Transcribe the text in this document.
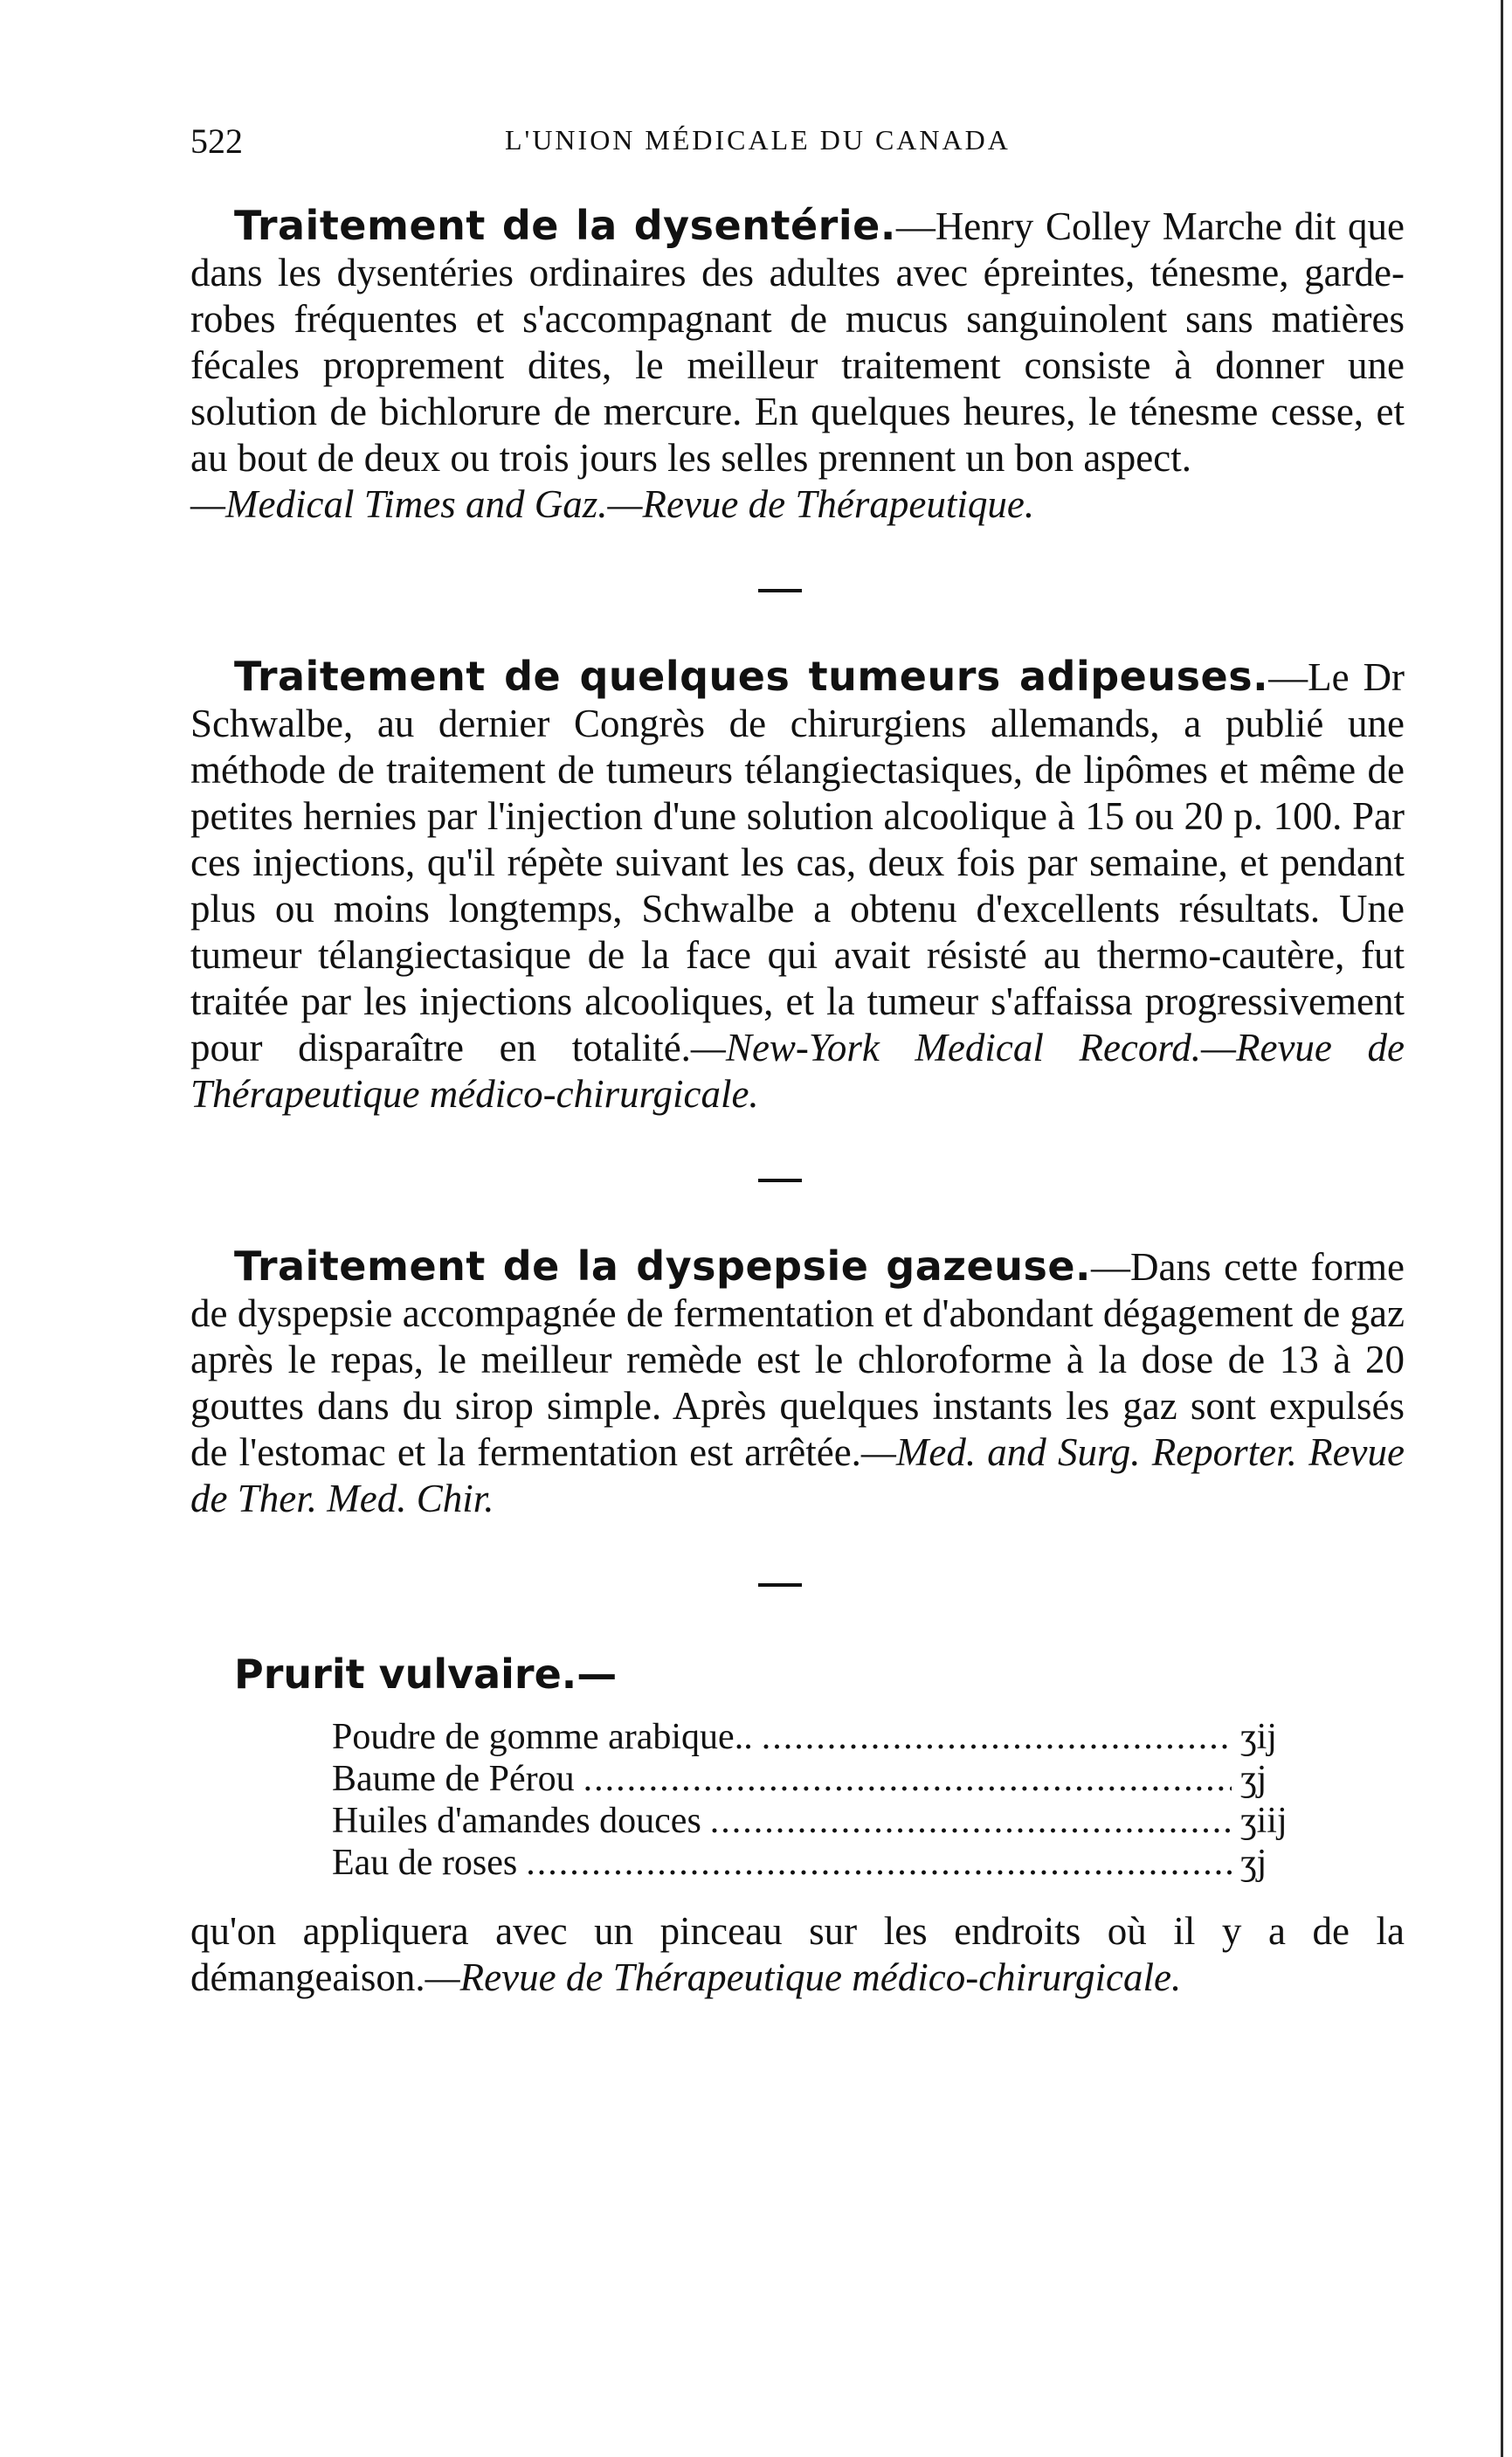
522	L'UNION MÉDICALE DU CANADA

Traitement de la dysentérie.—Henry Colley Marche dit que dans les dysentéries ordinaires des adultes avec épreintes, ténesme, garde-robes fréquentes et s'accompagnant de mucus sanguinolent sans matières fécales proprement dites, le meilleur traitement consiste à donner une solution de bichlorure de mercure. En quelques heures, le ténesme cesse, et au bout de deux ou trois jours les selles prennent un bon aspect.
—Medical Times and Gaz.—Revue de Thérapeutique.

Traitement de quelques tumeurs adipeuses.—Le Dr Schwalbe, au dernier Congrès de chirurgiens allemands, a publié une méthode de traitement de tumeurs télangiectasiques, de lipômes et même de petites hernies par l'injection d'une solution alcoolique à 15 ou 20 p. 100. Par ces injections, qu'il répète suivant les cas, deux fois par semaine, et pendant plus ou moins longtemps, Schwalbe a obtenu d'excellents résultats. Une tumeur télangiectasique de la face qui avait résisté au thermo-cautère, fut traitée par les injections alcooliques, et la tumeur s'affaissa progressivement pour disparaître en totalité.—New-York Medical Record.—Revue de Thérapeutique médico-chirurgicale.

Traitement de la dyspepsie gazeuse.—Dans cette forme de dyspepsie accompagnée de fermentation et d'abondant dégagement de gaz après le repas, le meilleur remède est le chloroforme à la dose de 13 à 20 gouttes dans du sirop simple. Après quelques instants les gaz sont expulsés de l'estomac et la fermentation est arrêtée.—Med. and Surg. Reporter. Revue de Ther. Med. Chir.

Prurit vulvaire.—

Poudre de gomme arabique.. .....	ʒij
Baume de Pérou .....	ʒj
Huiles d'amandes douces .....	ʒiij
Eau de roses .....	ʒj

qu'on appliquera avec un pinceau sur les endroits où il y a de la démangeaison.—Revue de Thérapeutique médico-chirurgicale.
